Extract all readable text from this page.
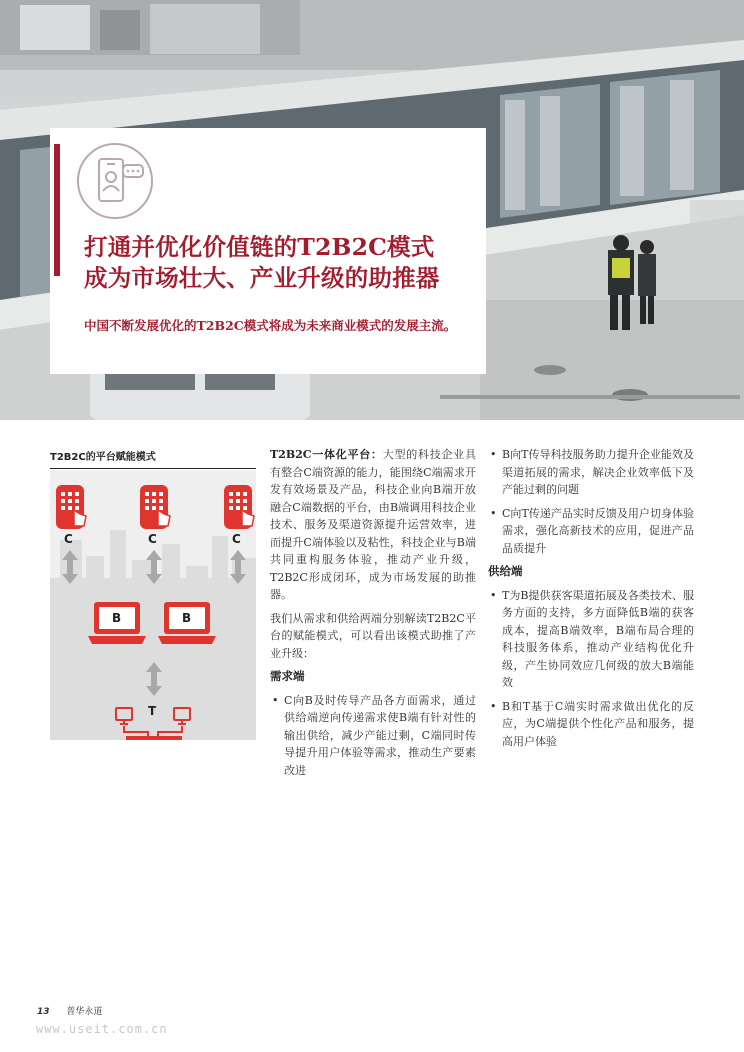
打通并优化价值链的T2B2C模式
成为市场壮大、产业升级的助推器
中国不断发展优化的T2B2C模式将成为未来商业模式的发展主流。
T2B2C的平台赋能模式
C	C	C
B	B
T

T2B2C一体化平台：大型的科技企业具有整合C端资源的能力，能围绕C端需求开发有效场景及产品，科技企业向B端开放融合C端数据的平台，由B端调用科技企业技术、服务及渠道资源提升运营效率，进而提升C端体验以及粘性，科技企业与B端共同重构服务体验，推动产业升级，T2B2C形成闭环，成为市场发展的助推器。

我们从需求和供给两端分别解读T2B2C平台的赋能模式，可以看出该模式助推了产业升级：

需求端
• C向B及时传导产品各方面需求，通过供给端逆向传递需求使B端有针对性的输出供给，减少产能过剩，C端同时传导提升用户体验等需求，推动生产要素改进
• B向T传导科技服务助力提升企业能效及渠道拓展的需求，解决企业效率低下及产能过剩的问题
• C向T传递产品实时反馈及用户切身体验需求，强化高新技术的应用，促进产品品质提升
供给端
• T为B提供获客渠道拓展及各类技术、服务方面的支持，多方面降低B端的获客成本，提高B端效率，B端布局合理的科技服务体系，推动产业结构优化升级，产生协同效应几何级的放大B端能效
• B和T基于C端实时需求做出优化的反应，为C端提供个性化产品和服务，提高用户体验
13 普华永道
www.useit.com.cn
